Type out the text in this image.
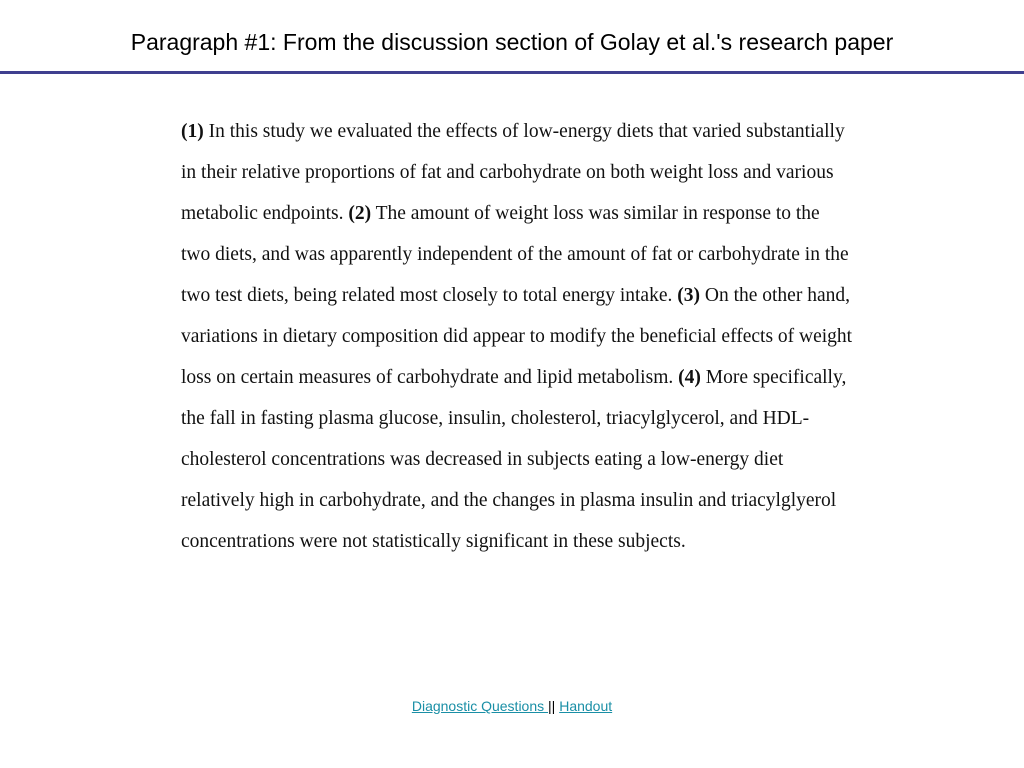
Paragraph #1: From the discussion section of Golay et al.'s research paper

(1) In this study we evaluated the effects of low-energy diets that varied substantially in their relative proportions of fat and carbohydrate on both weight loss and various metabolic endpoints. (2) The amount of weight loss was similar in response to the two diets, and was apparently independent of the amount of fat or carbohydrate in the two test diets, being related most closely to total energy intake. (3) On the other hand, variations in dietary composition did appear to modify the beneficial effects of weight loss on certain measures of carbohydrate and lipid metabolism. (4) More specifically, the fall in fasting plasma glucose, insulin, cholesterol, triacylglycerol, and HDL-cholesterol concentrations was decreased in subjects eating a low-energy diet relatively high in carbohydrate, and the changes in plasma insulin and triacylglyerol concentrations were not statistically significant in these subjects.

Diagnostic Questions || Handout
